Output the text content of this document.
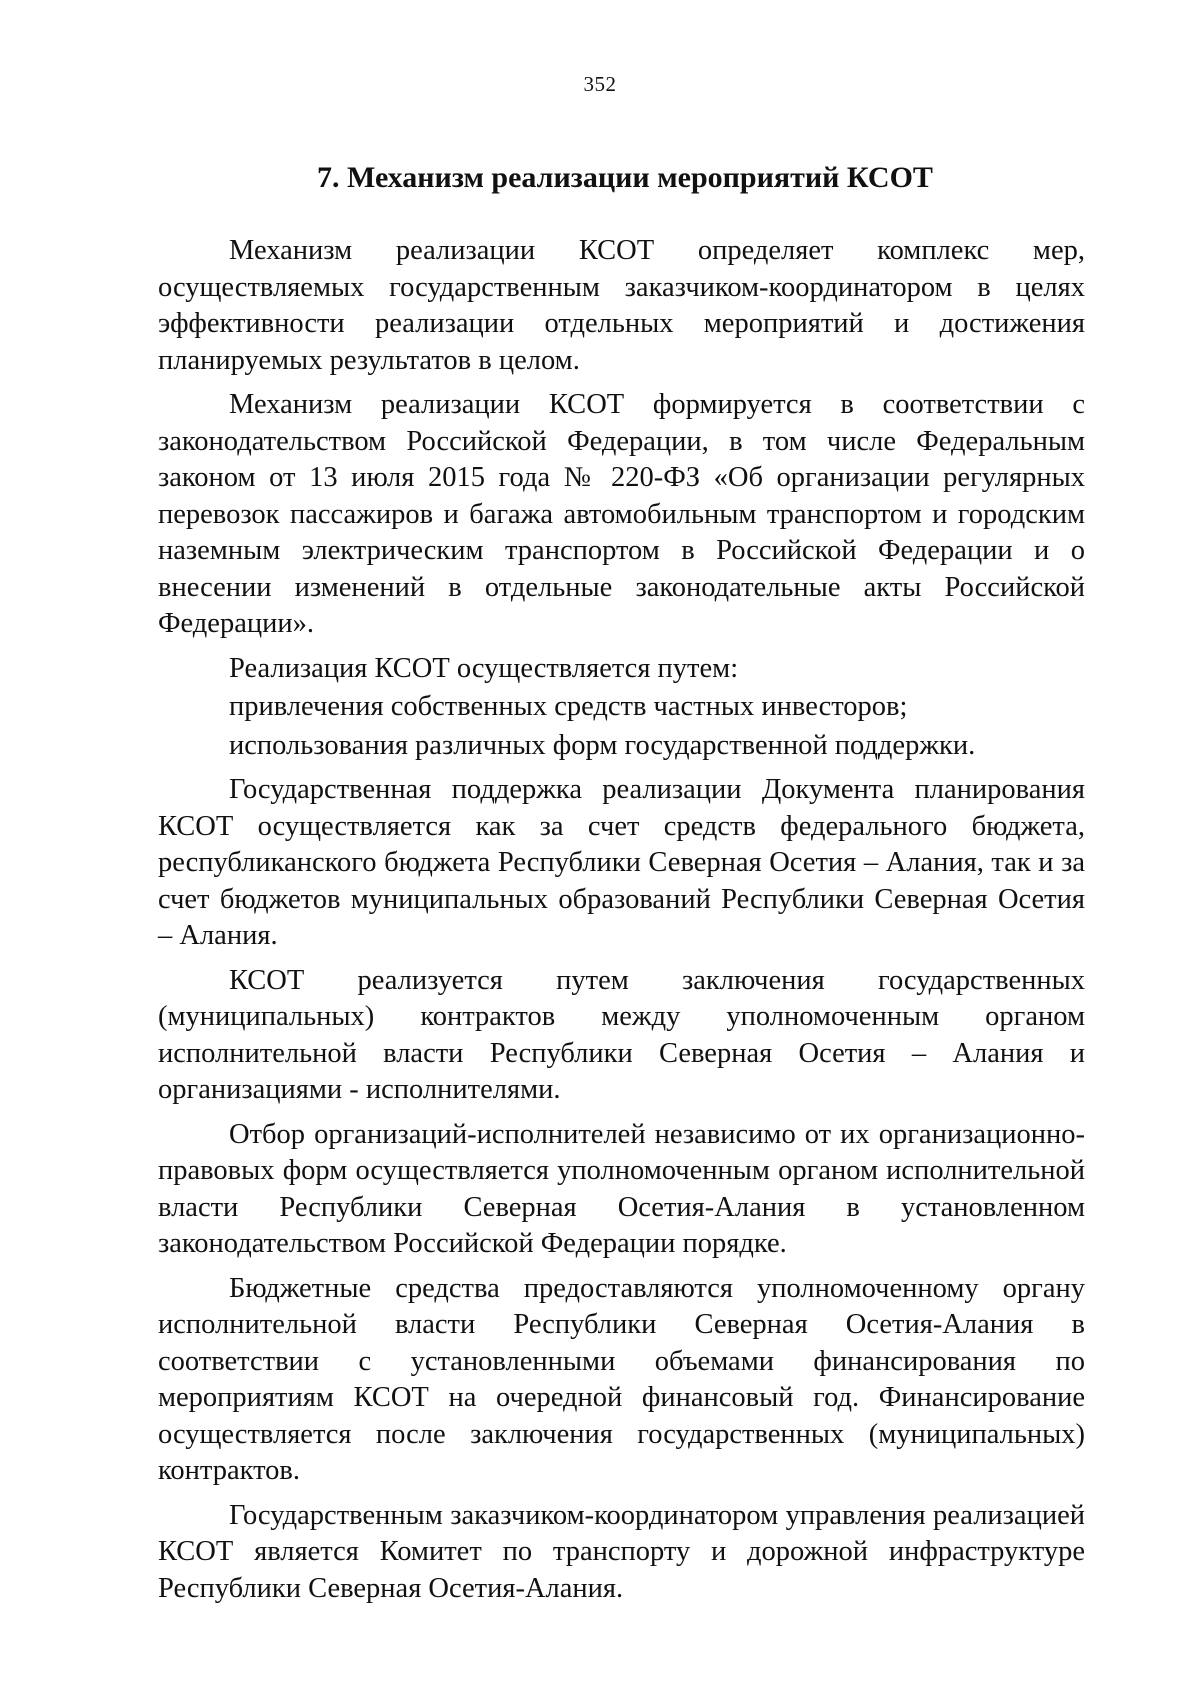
352
7. Механизм реализации мероприятий КСОТ

Механизм реализации КСОТ определяет комплекс мер, осуществляемых государственным заказчиком-координатором в целях эффективности реализации отдельных мероприятий и достижения планируемых результатов в целом.

Механизм реализации КСОТ формируется в соответствии с законодательством Российской Федерации, в том числе Федеральным законом от 13 июля 2015 года № 220-ФЗ «Об организации регулярных перевозок пассажиров и багажа автомобильным транспортом и городским наземным электрическим транспортом в Российской Федерации и о внесении изменений в отдельные законодательные акты Российской Федерации».

Реализация КСОТ осуществляется путем:

привлечения собственных средств частных инвесторов;

использования различных форм государственной поддержки.

Государственная поддержка реализации Документа планирования КСОТ осуществляется как за счет средств федерального бюджета, республиканского бюджета Республики Северная Осетия – Алания, так и за счет бюджетов муниципальных образований Республики Северная Осетия – Алания.

КСОТ реализуется путем заключения государственных (муниципальных) контрактов между уполномоченным органом исполнительной власти Республики Северная Осетия – Алания и организациями - исполнителями.

Отбор организаций-исполнителей независимо от их организационно-правовых форм осуществляется уполномоченным органом исполнительной власти Республики Северная Осетия-Алания в установленном законодательством Российской Федерации порядке.

Бюджетные средства предоставляются уполномоченному органу исполнительной власти Республики Северная Осетия-Алания в соответствии с установленными объемами финансирования по мероприятиям КСОТ на очередной финансовый год. Финансирование осуществляется после заключения государственных (муниципальных) контрактов.

Государственным заказчиком-координатором управления реализацией КСОТ является Комитет по транспорту и дорожной инфраструктуре Республики Северная Осетия-Алания.
